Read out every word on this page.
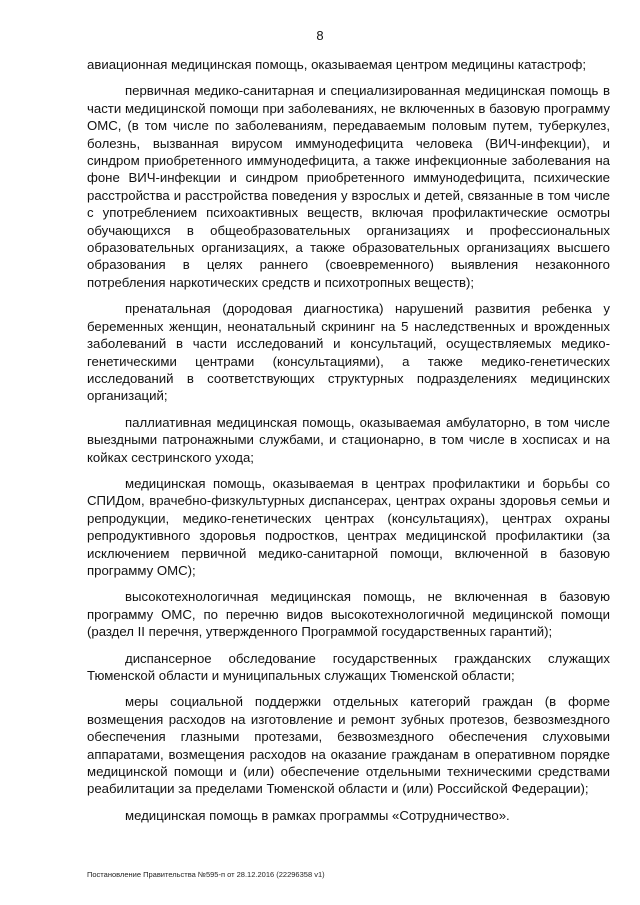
8

авиационная медицинская помощь, оказываемая центром медицины катастроф;

первичная медико-санитарная и специализированная медицинская помощь в части медицинской помощи при заболеваниях, не включенных в базовую программу ОМС, (в том числе по заболеваниям, передаваемым половым путем, туберкулез, болезнь, вызванная вирусом иммунодефицита человека (ВИЧ-инфекции), и синдром приобретенного иммунодефицита, а также инфекционные заболевания на фоне ВИЧ-инфекции и синдром приобретенного иммунодефицита, психические расстройства и расстройства поведения у взрослых и детей, связанные в том числе с употреблением психоактивных веществ, включая профилактические осмотры обучающихся в общеобразовательных организациях и профессиональных образовательных организациях, а также образовательных организациях высшего образования в целях раннего (своевременного) выявления незаконного потребления наркотических средств и психотропных веществ);

пренатальная (дородовая диагностика) нарушений развития ребенка у беременных женщин, неонатальный скрининг на 5 наследственных и врожденных заболеваний в части исследований и консультаций, осуществляемых медико-генетическими центрами (консультациями), а также медико-генетических исследований в соответствующих структурных подразделениях медицинских организаций;

паллиативная медицинская помощь, оказываемая амбулаторно, в том числе выездными патронажными службами, и стационарно, в том числе в хосписах и на койках сестринского ухода;

медицинская помощь, оказываемая в центрах профилактики и борьбы со СПИДом, врачебно-физкультурных диспансерах, центрах охраны здоровья семьи и репродукции, медико-генетических центрах (консультациях), центрах охраны репродуктивного здоровья подростков, центрах медицинской профилактики (за исключением первичной медико-санитарной помощи, включенной в базовую программу ОМС);

высокотехнологичная медицинская помощь, не включенная в базовую программу ОМС, по перечню видов высокотехнологичной медицинской помощи (раздел II перечня, утвержденного Программой государственных гарантий);

диспансерное обследование государственных гражданских служащих Тюменской области и муниципальных служащих Тюменской области;

меры социальной поддержки отдельных категорий граждан (в форме возмещения расходов на изготовление и ремонт зубных протезов, безвозмездного обеспечения глазными протезами, безвозмездного обеспечения слуховыми аппаратами, возмещения расходов на оказание гражданам в оперативном порядке медицинской помощи и (или) обеспечение отдельными техническими средствами реабилитации за пределами Тюменской области и (или) Российской Федерации);

медицинская помощь в рамках программы «Сотрудничество».

Постановление Правительства №595-п от 28.12.2016 (22296358 v1)
